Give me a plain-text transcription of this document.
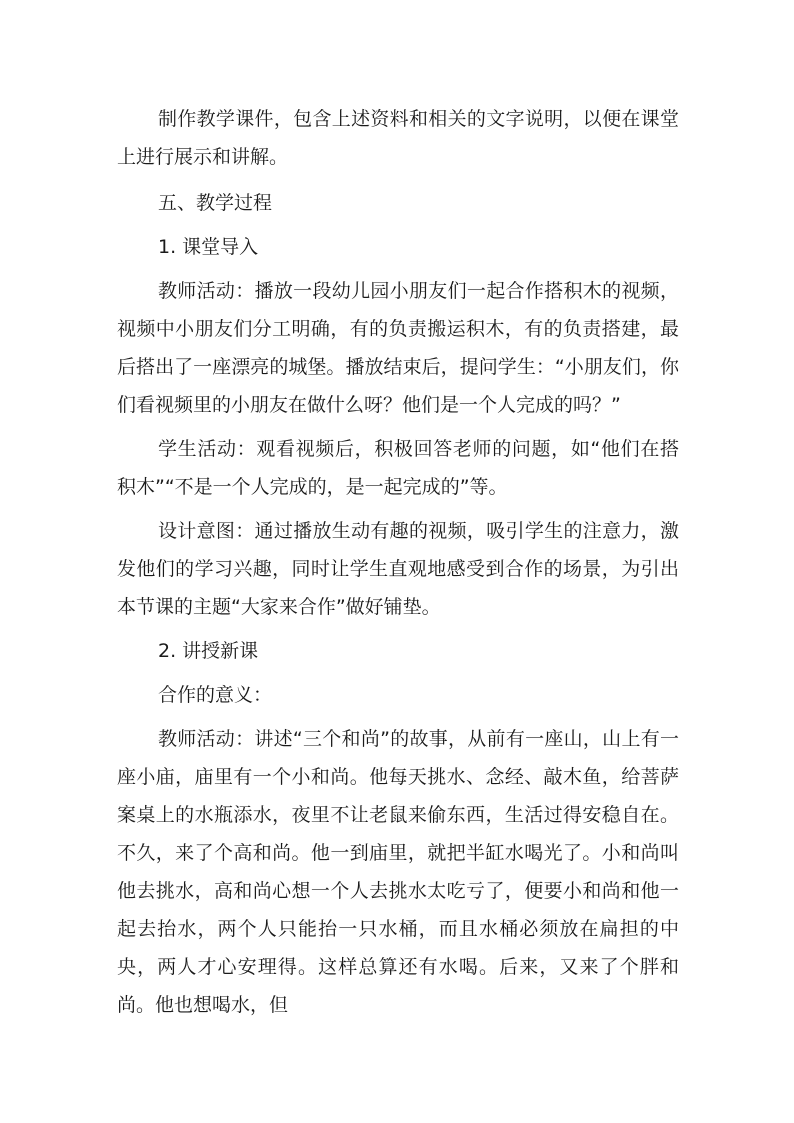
制作教学课件，包含上述资料和相关的文字说明，以便在课堂上进行展示和讲解。

五、教学过程

1. 课堂导入

教师活动：播放一段幼儿园小朋友们一起合作搭积木的视频，视频中小朋友们分工明确，有的负责搬运积木，有的负责搭建，最后搭出了一座漂亮的城堡。播放结束后，提问学生：“小朋友们，你们看视频里的小朋友在做什么呀？他们是一个人完成的吗？”

学生活动：观看视频后，积极回答老师的问题，如“他们在搭积木”“不是一个人完成的，是一起完成的”等。

设计意图：通过播放生动有趣的视频，吸引学生的注意力，激发他们的学习兴趣，同时让学生直观地感受到合作的场景，为引出本节课的主题“大家来合作”做好铺垫。

2. 讲授新课

合作的意义：

教师活动：讲述“三个和尚”的故事，从前有一座山，山上有一座小庙，庙里有一个小和尚。他每天挑水、念经、敲木鱼，给菩萨案桌上的水瓶添水，夜里不让老鼠来偷东西，生活过得安稳自在。不久，来了个高和尚。他一到庙里，就把半缸水喝光了。小和尚叫他去挑水，高和尚心想一个人去挑水太吃亏了，便要小和尚和他一起去抬水，两个人只能抬一只水桶，而且水桶必须放在扁担的中央，两人才心安理得。这样总算还有水喝。后来，又来了个胖和尚。他也想喝水，但
